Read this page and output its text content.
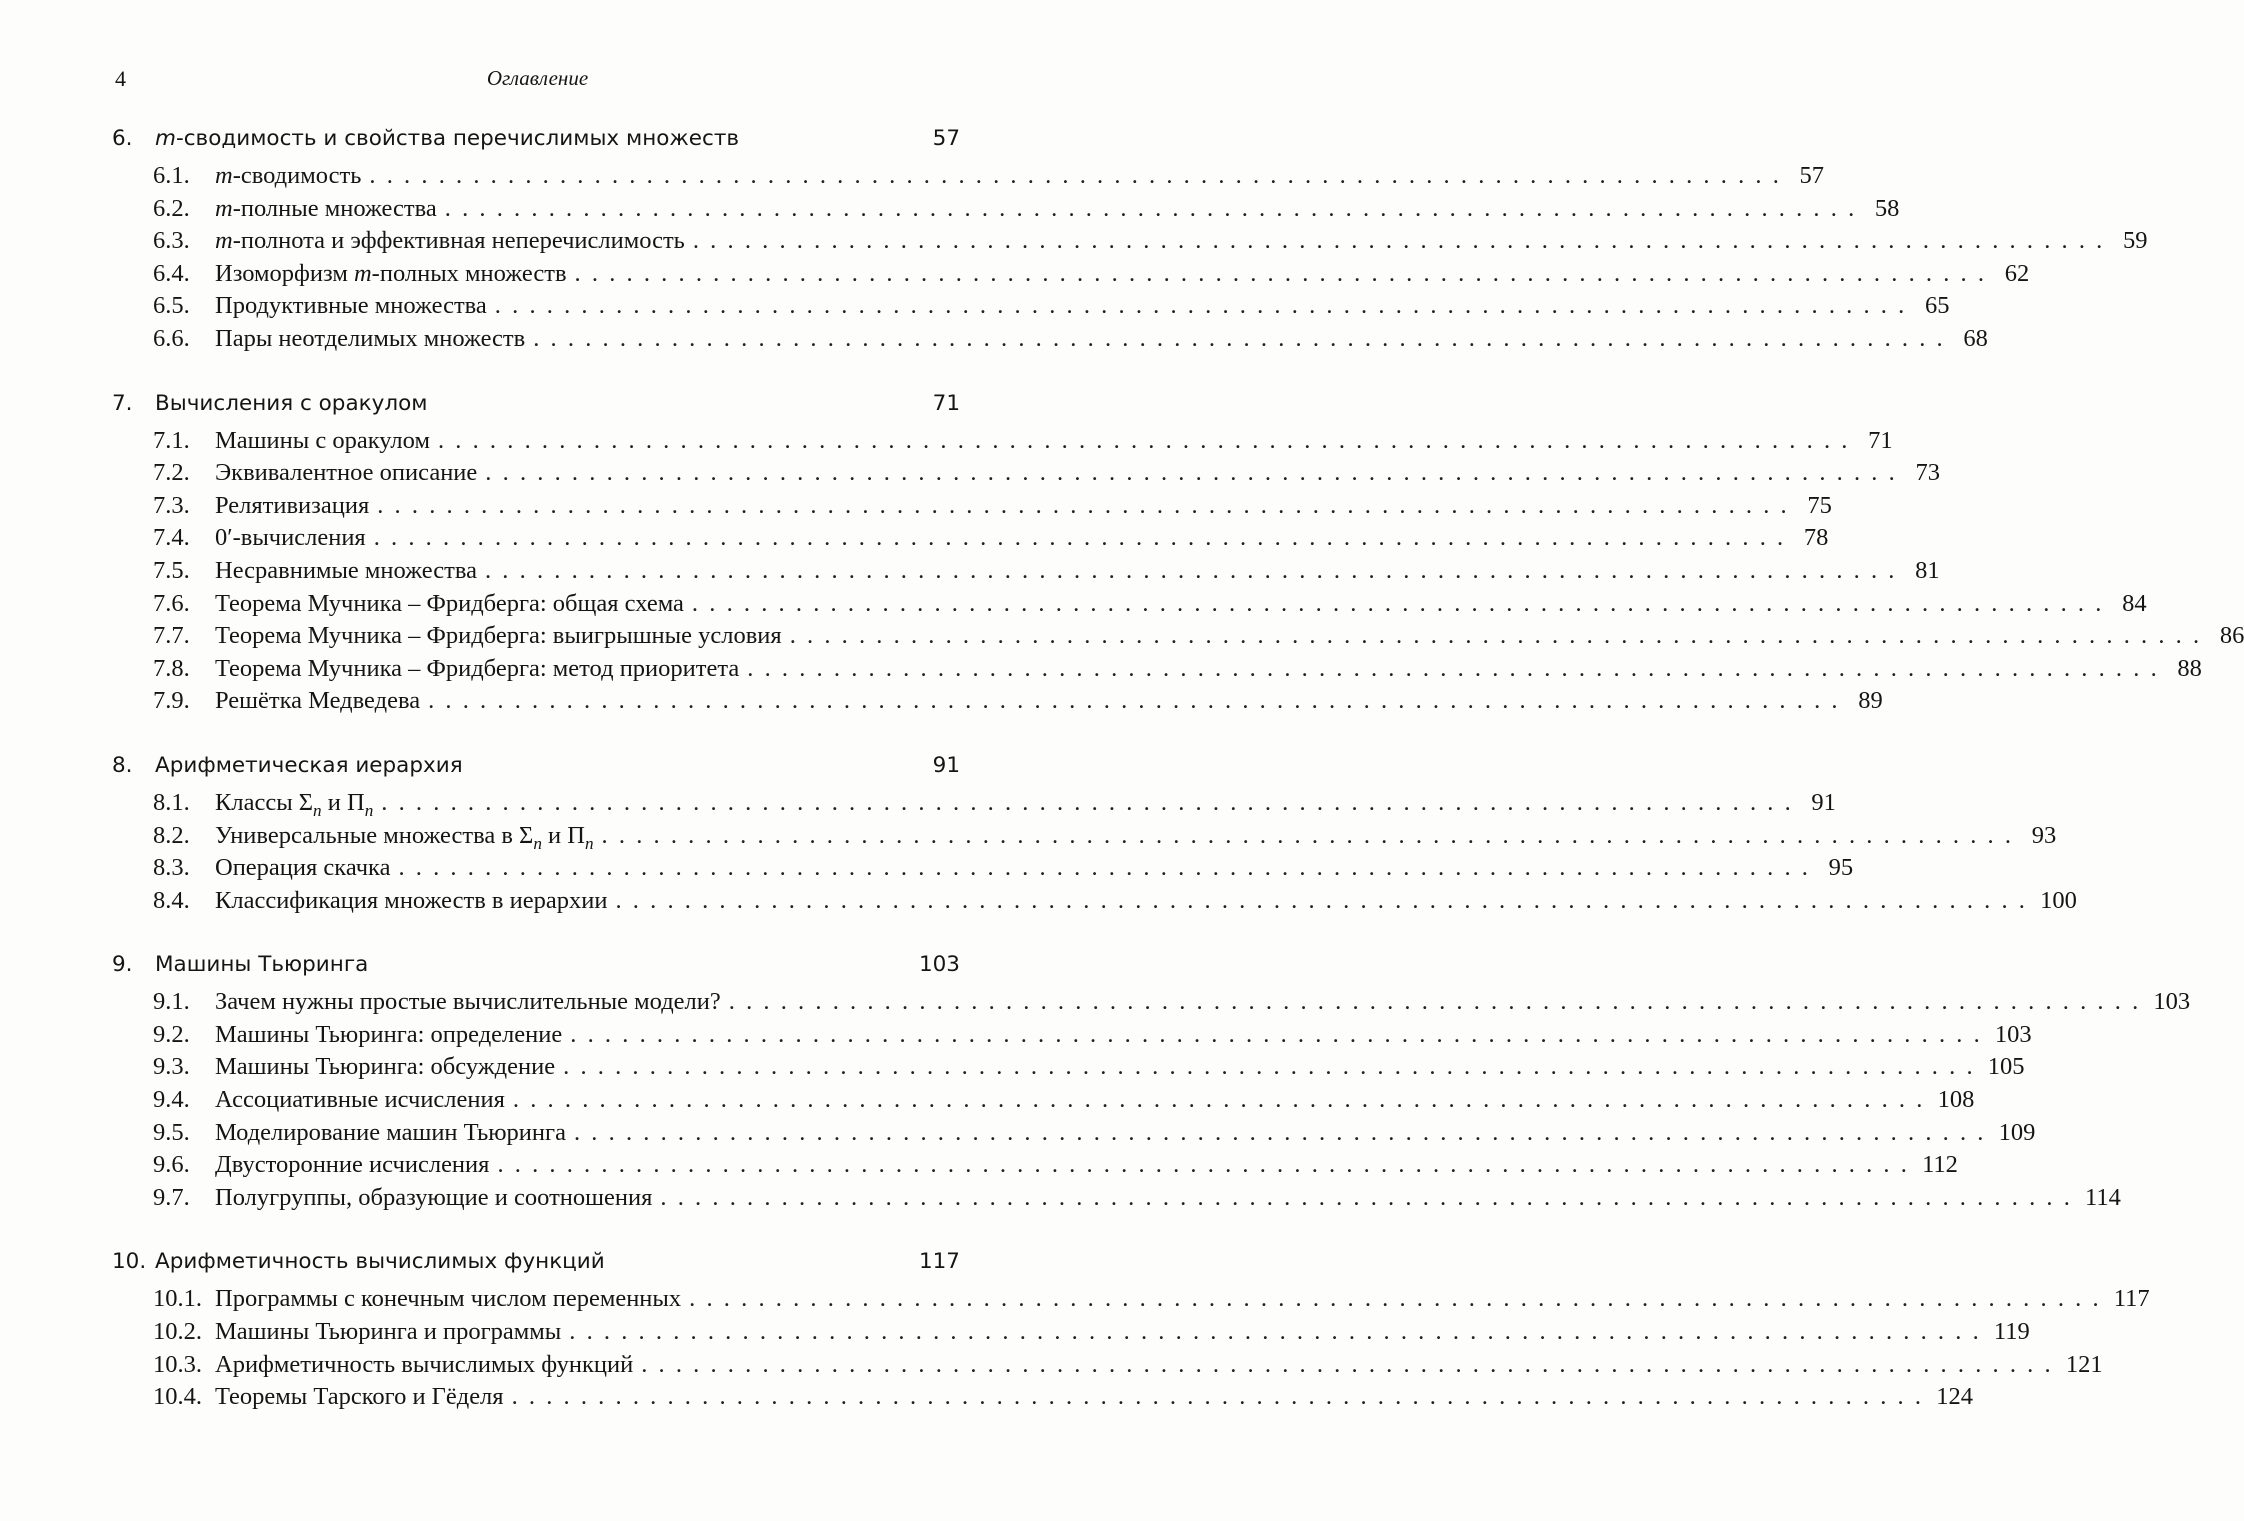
4	Оглавление
6.	m-сводимость и свойства перечислимых множеств	57
6.1.	m-сводимость .................................................................................. 57
6.2.	m-полные множества .................................................................................. 58
6.3.	m-полнота и эффективная неперечислимость .................................................................................. 59
6.4.	Изоморфизм m-полных множеств .................................................................................. 62
6.5.	Продуктивные множества .................................................................................. 65
6.6.	Пары неотделимых множеств .................................................................................. 68
7.	Вычисления с оракулом	71
7.1.	Машины с оракулом .................................................................................. 71
7.2.	Эквивалентное описание .................................................................................. 73
7.3.	Релятивизация .................................................................................. 75
7.4.	0′-вычисления .................................................................................. 78
7.5.	Несравнимые множества .................................................................................. 81
7.6.	Теорема Мучника – Фридберга: общая схема .................................................................................. 84
7.7.	Теорема Мучника – Фридберга: выигрышные условия .................................................................................. 86
7.8.	Теорема Мучника – Фридберга: метод приоритета .................................................................................. 88
7.9.	Решётка Медведева .................................................................................. 89
8.	Арифметическая иерархия	91
8.1.	Классы $\Sigma_n$ и $\Pi_n$ .................................................................................. 91
8.2.	Универсальные множества в $\Sigma_n$ и $\Pi_n$ .................................................................................. 93
8.3.	Операция скачка .................................................................................. 95
8.4.	Классификация множеств в иерархии .................................................................................. 100
9.	Машины Тьюринга	103
9.1.	Зачем нужны простые вычислительные модели? .................................................................................. 103
9.2.	Машины Тьюринга: определение .................................................................................. 103
9.3.	Машины Тьюринга: обсуждение .................................................................................. 105
9.4.	Ассоциативные исчисления .................................................................................. 108
9.5.	Моделирование машин Тьюринга .................................................................................. 109
9.6.	Двусторонние исчисления .................................................................................. 112
9.7.	Полугруппы, образующие и соотношения .................................................................................. 114
10. Арифметичность вычислимых функций	117
10.1. Программы с конечным числом переменных .................................................................................. 117
10.2. Машины Тьюринга и программы .................................................................................. 119
10.3. Арифметичность вычислимых функций .................................................................................. 121
10.4. Теоремы Тарского и Гёделя .................................................................................. 124
